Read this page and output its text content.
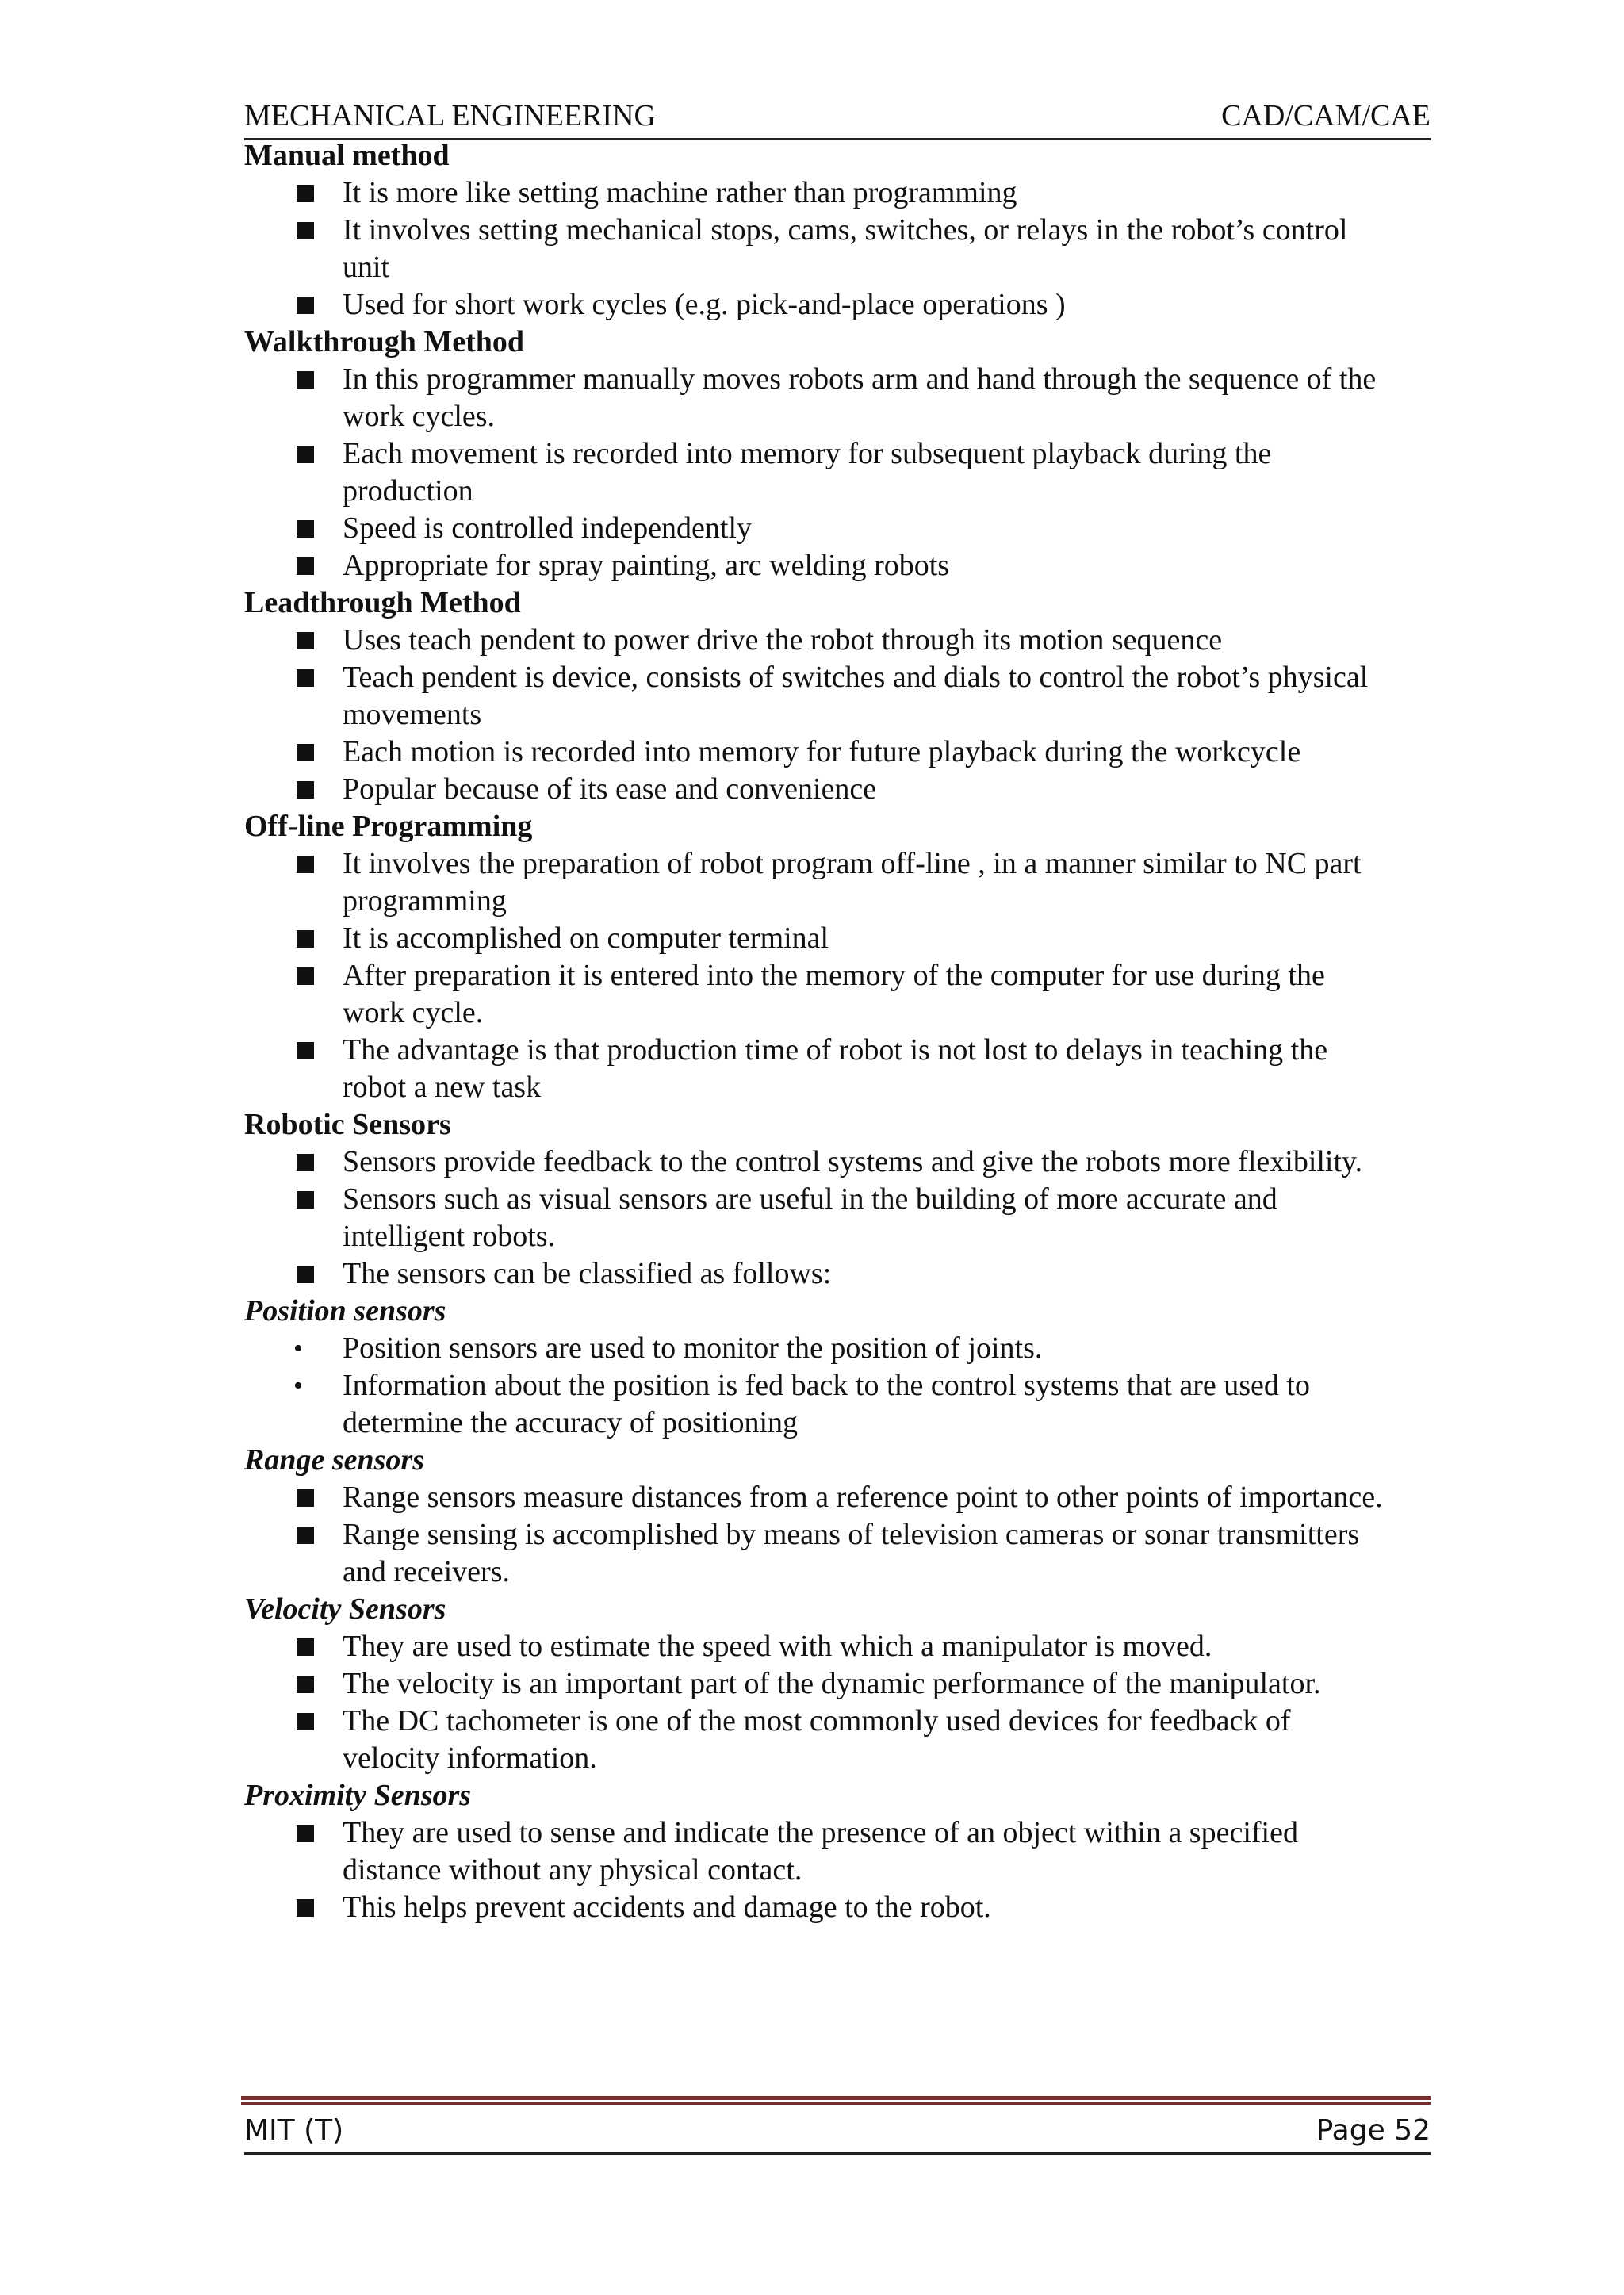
MECHANICAL ENGINEERING	CAD/CAM/CAE
Manual method
It is more like setting machine rather than programming
It involves setting mechanical stops, cams, switches, or relays in the robot’s control unit
Used for short work cycles (e.g. pick-and-place operations )
Walkthrough Method
In this programmer manually moves robots arm and hand through the sequence of the work cycles.
Each movement is recorded into memory for subsequent playback during the production
Speed is controlled independently
Appropriate for spray painting, arc welding robots
Leadthrough Method
Uses teach pendent to power drive the robot through its motion sequence
Teach pendent is device, consists of switches and dials to control the robot’s physical movements
Each motion is recorded into memory for future playback during the workcycle
Popular because of its ease and convenience
Off-line Programming
It involves the preparation of robot program off-line , in a manner similar to NC part programming
It is accomplished on computer terminal
After preparation it is entered into the memory of the computer for use during the work cycle.
The advantage is that production time of robot is not lost to delays in teaching the robot a new task
Robotic Sensors
Sensors provide feedback to the control systems and give the robots more flexibility.
Sensors such as visual sensors are useful in the building of more accurate and intelligent robots.
The sensors can be classified as follows:
Position sensors
• Position sensors are used to monitor the position of joints.
• Information about the position is fed back to the control systems that are used to determine the accuracy of positioning
Range sensors
Range sensors measure distances from a reference point to other points of importance.
Range sensing is accomplished by means of television cameras or sonar transmitters and receivers.
Velocity Sensors
They are used to estimate the speed with which a manipulator is moved.
The velocity is an important part of the dynamic performance of the manipulator.
The DC tachometer is one of the most commonly used devices for feedback of velocity information.
Proximity Sensors
They are used to sense and indicate the presence of an object within a specified distance without any physical contact.
This helps prevent accidents and damage to the robot.
MIT (T)	Page 52
